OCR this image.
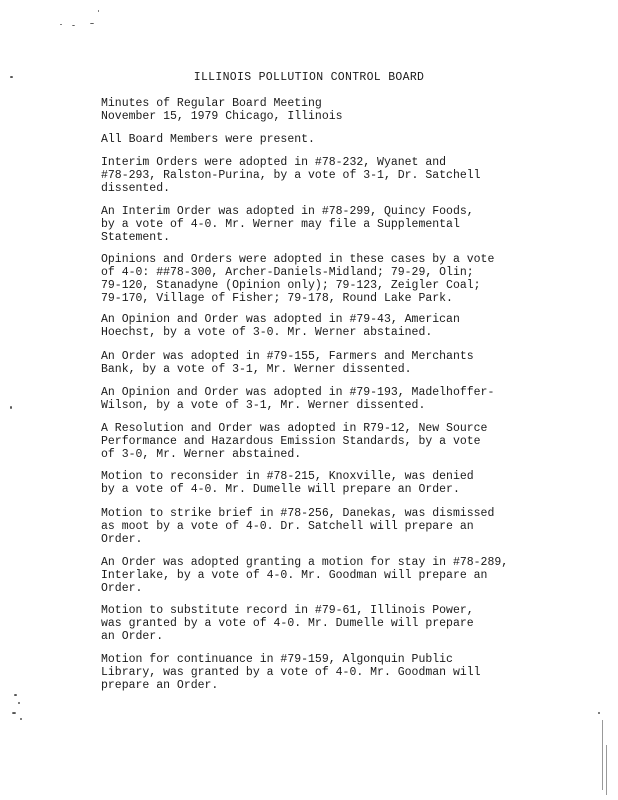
ILLINOIS POLLUTION CONTROL BOARD

Minutes of Regular Board Meeting

November 15, 1979 Chicago, Illinois

All Board Members were present.

Interim Orders were adopted in #78-232, Wyanet and

#78-293, Ralston-Purina, by a vote of 3-1, Dr. Satchell

dissented.

An Interim Order was adopted in #78-299, Quincy Foods,

by a vote of 4-0. Mr. Werner may file a Supplemental

Statement.

Opinions and Orders were adopted in these cases by a vote

of 4-0: ##78-300, Archer-Daniels-Midland; 79-29, Olin;

79-120, Stanadyne (Opinion only); 79-123, Zeigler Coal;

79-170, Village of Fisher; 79-178, Round Lake Park.

An Opinion and Order was adopted in #79-43, American

Hoechst, by a vote of 3-0. Mr. Werner abstained.

An Order was adopted in #79-155, Farmers and Merchants

Bank, by a vote of 3-1, Mr. Werner dissented.

An Opinion and Order was adopted in #79-193, Madelhoffer-

Wilson, by a vote of 3-1, Mr. Werner dissented.

A Resolution and Order was adopted in R79-12, New Source

Performance and Hazardous Emission Standards, by a vote

of 3-0, Mr. Werner abstained.

Motion to reconsider in #78-215, Knoxville, was denied

by a vote of 4-0. Mr. Dumelle will prepare an Order.

Motion to strike brief in #78-256, Danekas, was dismissed

as moot by a vote of 4-0. Dr. Satchell will prepare an

Order.

An Order was adopted granting a motion for stay in #78-289,

Interlake, by a vote of 4-0. Mr. Goodman will prepare an

Order.

Motion to substitute record in #79-61, Illinois Power,

was granted by a vote of 4-0. Mr. Dumelle will prepare

an Order.

Motion for continuance in #79-159, Algonquin Public

Library, was granted by a vote of 4-0. Mr. Goodman will

prepare an Order.
